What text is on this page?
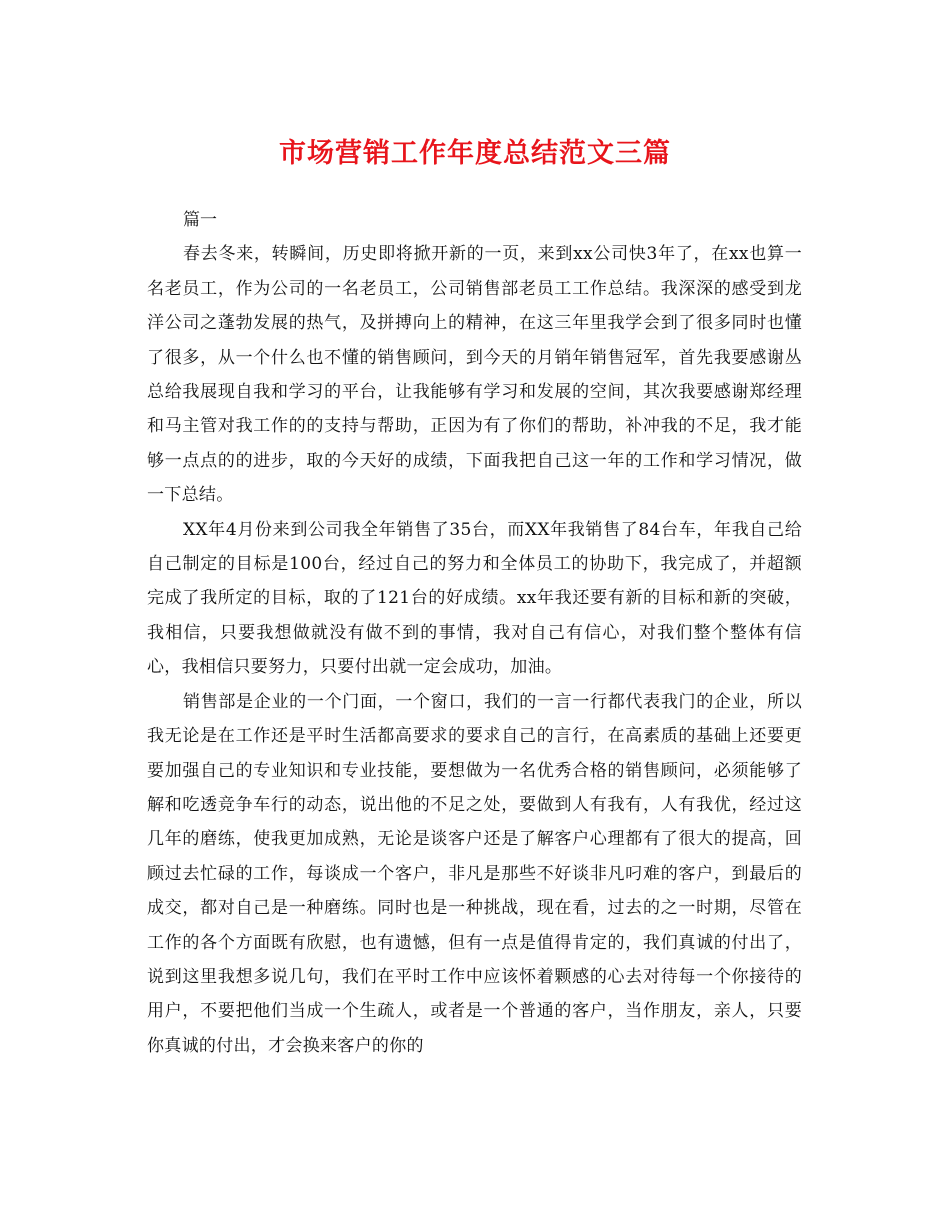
市场营销工作年度总结范文三篇

篇一

春去冬来，转瞬间，历史即将掀开新的一页，来到xx公司快3年了，在xx也算一名老员工，作为公司的一名老员工，公司销售部老员工工作总结。我深深的感受到龙洋公司之蓬勃发展的热气，及拼搏向上的精神，在这三年里我学会到了很多同时也懂了很多，从一个什么也不懂的销售顾问，到今天的月销年销售冠军，首先我要感谢丛总给我展现自我和学习的平台，让我能够有学习和发展的空间，其次我要感谢郑经理和马主管对我工作的的支持与帮助，正因为有了你们的帮助，补冲我的不足，我才能够一点点的的进步，取的今天好的成绩，下面我把自己这一年的工作和学习情况，做一下总结。

XX年4月份来到公司我全年销售了35台，而XX年我销售了84台车，年我自己给自己制定的目标是100台，经过自己的努力和全体员工的协助下，我完成了，并超额完成了我所定的目标，取的了121台的好成绩。xx年我还要有新的目标和新的突破，我相信，只要我想做就没有做不到的事情，我对自己有信心，对我们整个整体有信心，我相信只要努力，只要付出就一定会成功，加油。

销售部是企业的一个门面，一个窗口，我们的一言一行都代表我门的企业，所以我无论是在工作还是平时生活都高要求的要求自己的言行，在高素质的基础上还要更要加强自己的专业知识和专业技能，要想做为一名优秀合格的销售顾问，必须能够了解和吃透竞争车行的动态，说出他的不足之处，要做到人有我有，人有我优，经过这几年的磨练，使我更加成熟，无论是谈客户还是了解客户心理都有了很大的提高，回顾过去忙碌的工作，每谈成一个客户，非凡是那些不好谈非凡叼难的客户，到最后的成交，都对自己是一种磨练。同时也是一种挑战，现在看，过去的之一时期，尽管在工作的各个方面既有欣慰，也有遗憾，但有一点是值得肯定的，我们真诚的付出了，说到这里我想多说几句，我们在平时工作中应该怀着颗感的心去对待每一个你接待的用户，不要把他们当成一个生疏人，或者是一个普通的客户，当作朋友，亲人，只要你真诚的付出，才会换来客户的你的
